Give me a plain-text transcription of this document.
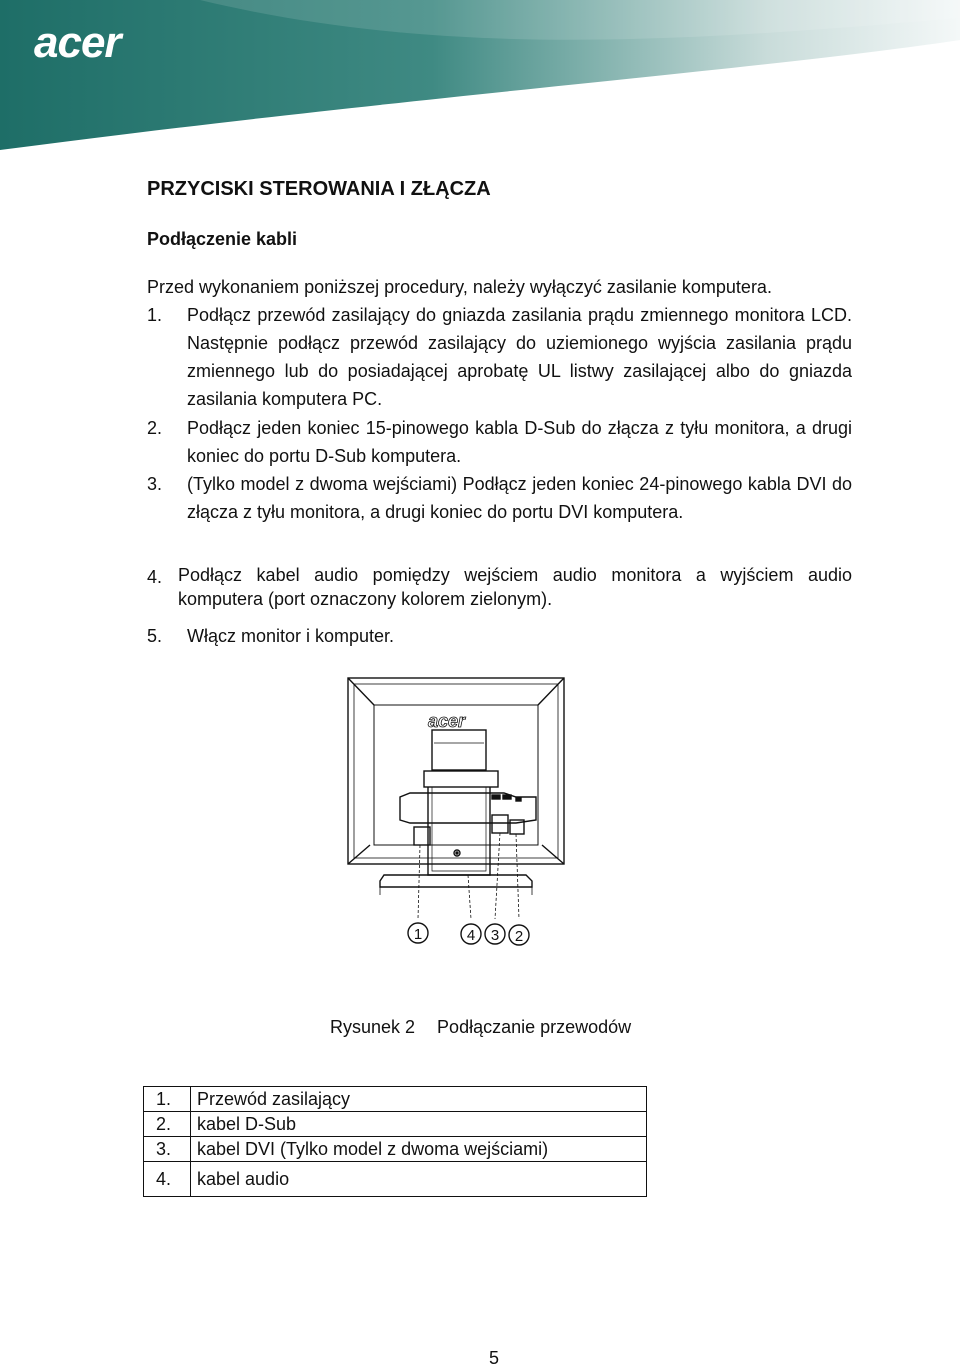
acer
PRZYCISKI STEROWANIA I ZŁĄCZA
Podłączenie kabli
Przed wykonaniem poniższej procedury, należy wyłączyć zasilanie komputera.
1. Podłącz przewód zasilający do gniazda zasilania prądu zmiennego monitora LCD. Następnie podłącz przewód zasilający do uziemionego wyjścia zasilania prądu zmiennego lub do posiadającej aprobatę UL listwy zasilającej albo do gniazda zasilania komputera PC.
2. Podłącz jeden koniec 15-pinowego kabla D-Sub do złącza z tyłu monitora, a drugi koniec do portu D-Sub komputera.
3. (Tylko model z dwoma wejściami) Podłącz jeden koniec 24-pinowego kabla DVI do złącza z tyłu monitora, a drugi koniec do portu DVI komputera.
4. Podłącz kabel audio pomiędzy wejściem audio monitora a wyjściem audio komputera (port oznaczony kolorem zielonym).
5. Włącz monitor i komputer.
acer
1	4 3 2
Rysunek 2 Podłączanie przewodów
1.	Przewód zasilający
2.	kabel D-Sub
3.	kabel DVI (Tylko model z dwoma wejściami)
4.	kabel audio
5
